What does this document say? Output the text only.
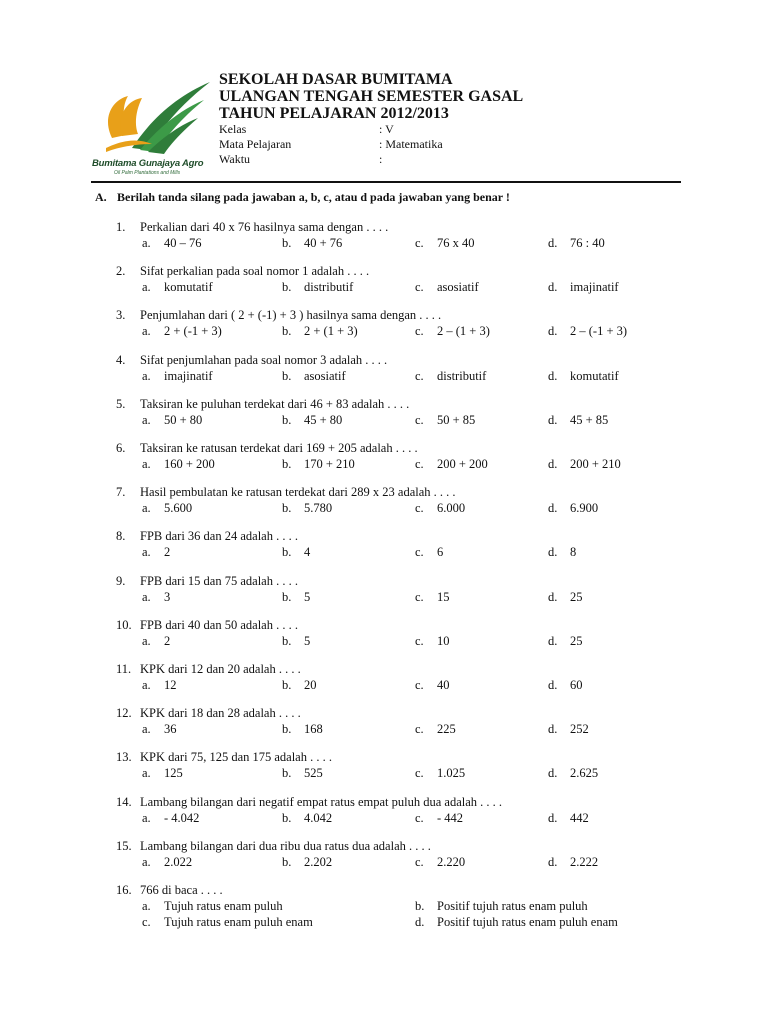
Bumitama Gunajaya Agro
Oil Palm Plantations and Mills
SEKOLAH DASAR BUMITAMA
ULANGAN TENGAH SEMESTER GASAL
TAHUN PELAJARAN 2012/2013
Kelas	: V
Mata Pelajaran	: Matematika
Waktu	:
A. Berilah tanda silang pada jawaban a, b, c, atau d pada jawaban yang benar !
1. Perkalian dari 40 x 76 hasilnya sama dengan . . . .
a. 40 – 76	b. 40 + 76	c. 76 x 40	d. 76 : 40
2. Sifat perkalian pada soal nomor 1 adalah . . . .
a. komutatif	b. distributif	c. asosiatif	d. imajinatif
3. Penjumlahan dari ( 2 + (-1) + 3 ) hasilnya sama dengan . . . .
a. 2 + (-1 + 3)	b. 2 + (1 + 3)	c. 2 – (1 + 3)	d. 2 – (-1 + 3)
4. Sifat penjumlahan pada soal nomor 3 adalah . . . .
a. imajinatif	b. asosiatif	c. distributif	d. komutatif
5. Taksiran ke puluhan terdekat dari 46 + 83 adalah . . . .
a. 50 + 80	b. 45 + 80	c. 50 + 85	d. 45 + 85
6. Taksiran ke ratusan terdekat dari 169 + 205 adalah . . . .
a. 160 + 200	b. 170 + 210	c. 200 + 200	d. 200 + 210
7. Hasil pembulatan ke ratusan terdekat dari 289 x 23 adalah . . . .
a. 5.600	b. 5.780	c. 6.000	d. 6.900
8. FPB dari 36 dan 24 adalah . . . .
a. 2	b. 4	c. 6	d. 8
9. FPB dari 15 dan 75 adalah . . . .
a. 3	b. 5	c. 15	d. 25
10. FPB dari 40 dan 50 adalah . . . .
a. 2	b. 5	c. 10	d. 25
11. KPK dari 12 dan 20 adalah . . . .
a. 12	b. 20	c. 40	d. 60
12. KPK dari 18 dan 28 adalah . . . .
a. 36	b. 168	c. 225	d. 252
13. KPK dari 75, 125 dan 175 adalah . . . .
a. 125	b. 525	c. 1.025	d. 2.625
14. Lambang bilangan dari negatif empat ratus empat puluh dua adalah . . . .
a. - 4.042	b. 4.042	c. - 442	d. 442
15. Lambang bilangan dari dua ribu dua ratus dua adalah . . . .
a. 2.022	b. 2.202	c. 2.220	d. 2.222
16. 766 di baca . . . .
a. Tujuh ratus enam puluh	b. Positif tujuh ratus enam puluh
c. Tujuh ratus enam puluh enam	d. Positif tujuh ratus enam puluh enam
